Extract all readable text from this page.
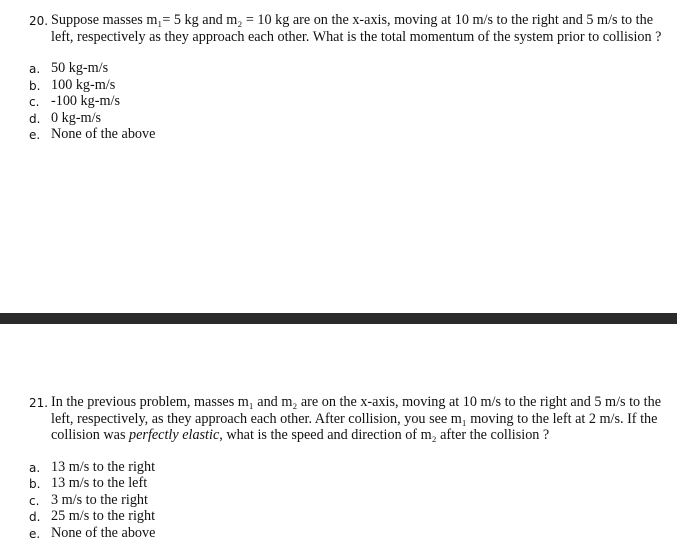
20. Suppose masses m₁= 5 kg and m₂ = 10 kg are on the x-axis, moving at 10 m/s to the right and 5 m/s to the left, respectively as they approach each other. What is the total momentum of the system prior to collision ?
a. 50 kg-m/s
b. 100 kg-m/s
c. -100 kg-m/s
d. 0 kg-m/s
e. None of the above
21. In the previous problem, masses m₁ and m₂ are on the x-axis, moving at 10 m/s to the right and 5 m/s to the left, respectively, as they approach each other. After collision, you see m₁ moving to the left at 2 m/s. If the collision was perfectly elastic, what is the speed and direction of m₂ after the collision ?
a. 13 m/s to the right
b. 13 m/s to the left
c. 3 m/s to the right
d. 25 m/s to the right
e. None of the above
